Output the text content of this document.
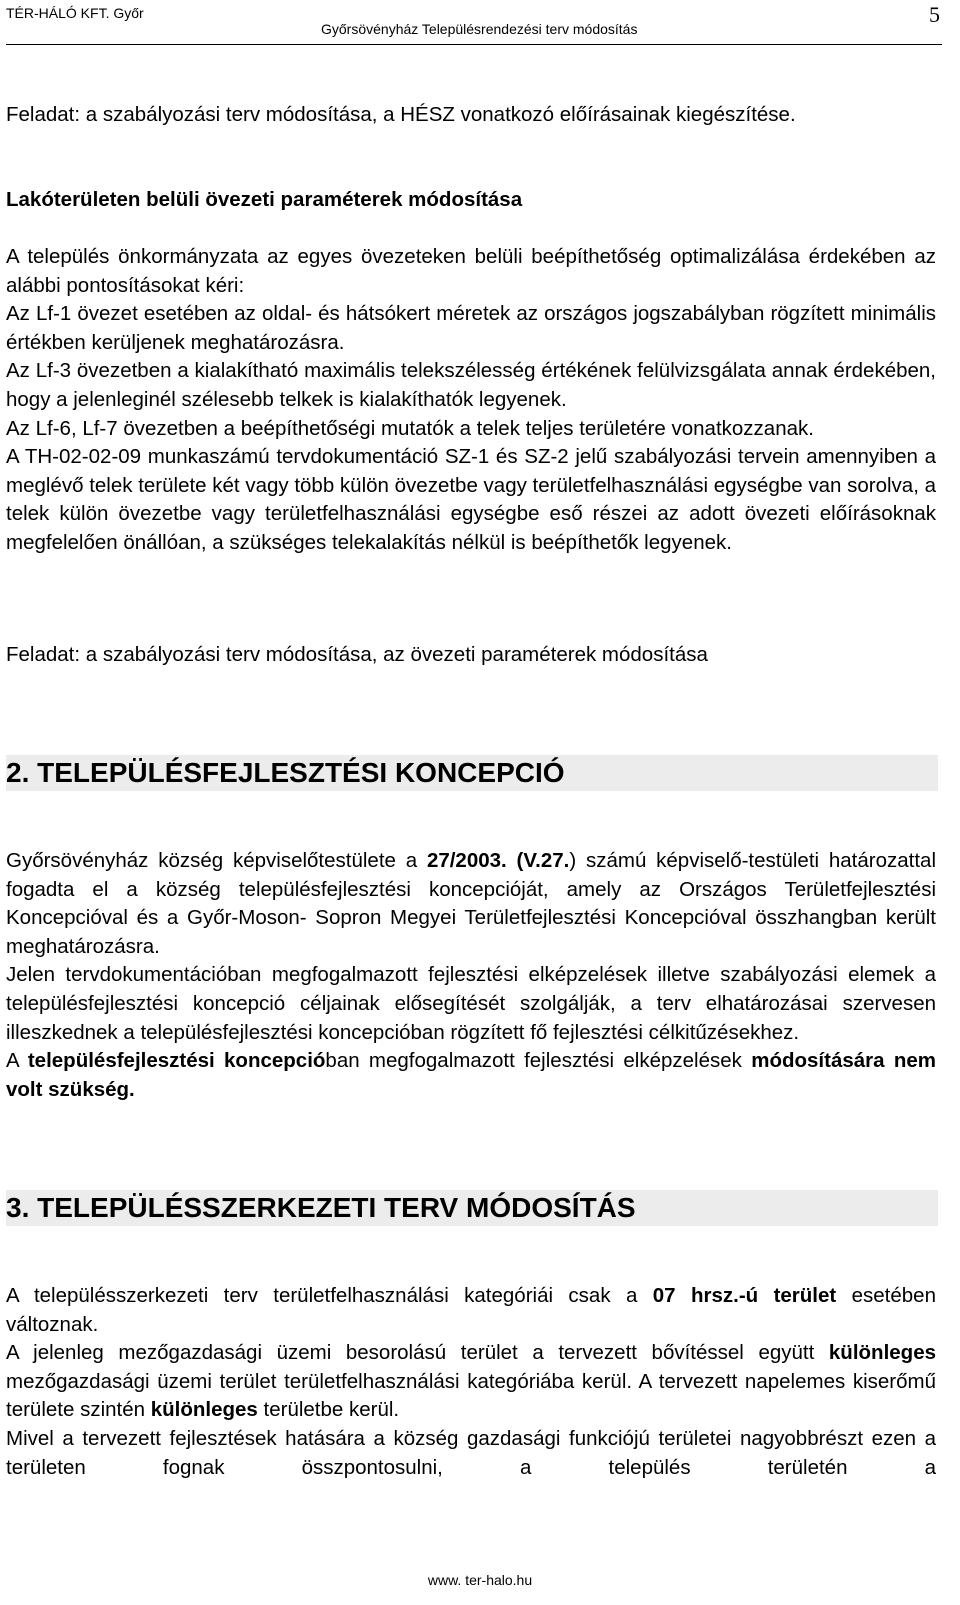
TÉR-HÁLÓ KFT. Győr
Győrsövényház Településrendezési terv módosítás
5

Feladat: a szabályozási terv módosítása, a HÉSZ vonatkozó előírásainak kiegészítése.

Lakóterületen belüli övezeti paraméterek módosítása

A település önkormányzata az egyes övezeteken belüli beépíthetőség optimalizálása érdekében az alábbi pontosításokat kéri:

Az Lf-1 övezet esetében az oldal- és hátsókert méretek az országos jogszabályban rögzített minimális értékben kerüljenek meghatározásra.

Az Lf-3 övezetben a kialakítható maximális telekszélesség értékének felülvizsgálata annak érdekében, hogy a jelenleginél szélesebb telkek is kialakíthatók legyenek.

Az Lf-6, Lf-7 övezetben a beépíthetőségi mutatók a telek teljes területére vonatkozzanak.

A TH-02-02-09 munkaszámú tervdokumentáció SZ-1 és SZ-2 jelű szabályozási tervein amennyiben a meglévő telek területe két vagy több külön övezetbe vagy területfelhasználási egységbe van sorolva, a telek külön övezetbe vagy területfelhasználási egységbe eső részei az adott övezeti előírásoknak megfelelően önállóan, a szükséges telekalakítás nélkül is beépíthetők legyenek.

Feladat: a szabályozási terv módosítása, az övezeti paraméterek módosítása

2. TELEPÜLÉSFEJLESZTÉSI KONCEPCIÓ

Győrsövényház község képviselőtestülete a 27/2003. (V.27.) számú képviselő-testületi határozattal fogadta el a község településfejlesztési koncepcióját, amely az Országos Területfejlesztési Koncepcióval és a Győr-Moson- Sopron Megyei Területfejlesztési Koncepcióval összhangban került meghatározásra.

Jelen tervdokumentációban megfogalmazott fejlesztési elképzelések illetve szabályozási elemek a településfejlesztési koncepció céljainak elősegítését szolgálják, a terv elhatározásai szervesen illeszkednek a településfejlesztési koncepcióban rögzített fő fejlesztési célkitűzésekhez.

A településfejlesztési koncepcióban megfogalmazott fejlesztési elképzelések módosítására nem volt szükség.

3. TELEPÜLÉSSZERKEZETI TERV MÓDOSÍTÁS

A településszerkezeti terv területfelhasználási kategóriái csak a 07 hrsz.-ú terület esetében változnak.

A jelenleg mezőgazdasági üzemi besorolású terület a tervezett bővítéssel együtt különleges mezőgazdasági üzemi terület területfelhasználási kategóriába kerül. A tervezett napelemes kiserőmű területe szintén különleges területbe kerül.

Mivel a tervezett fejlesztések hatására a község gazdasági funkciójú területei nagyobbrészt ezen a területen fognak összpontosulni, a település területén a

www. ter-halo.hu
